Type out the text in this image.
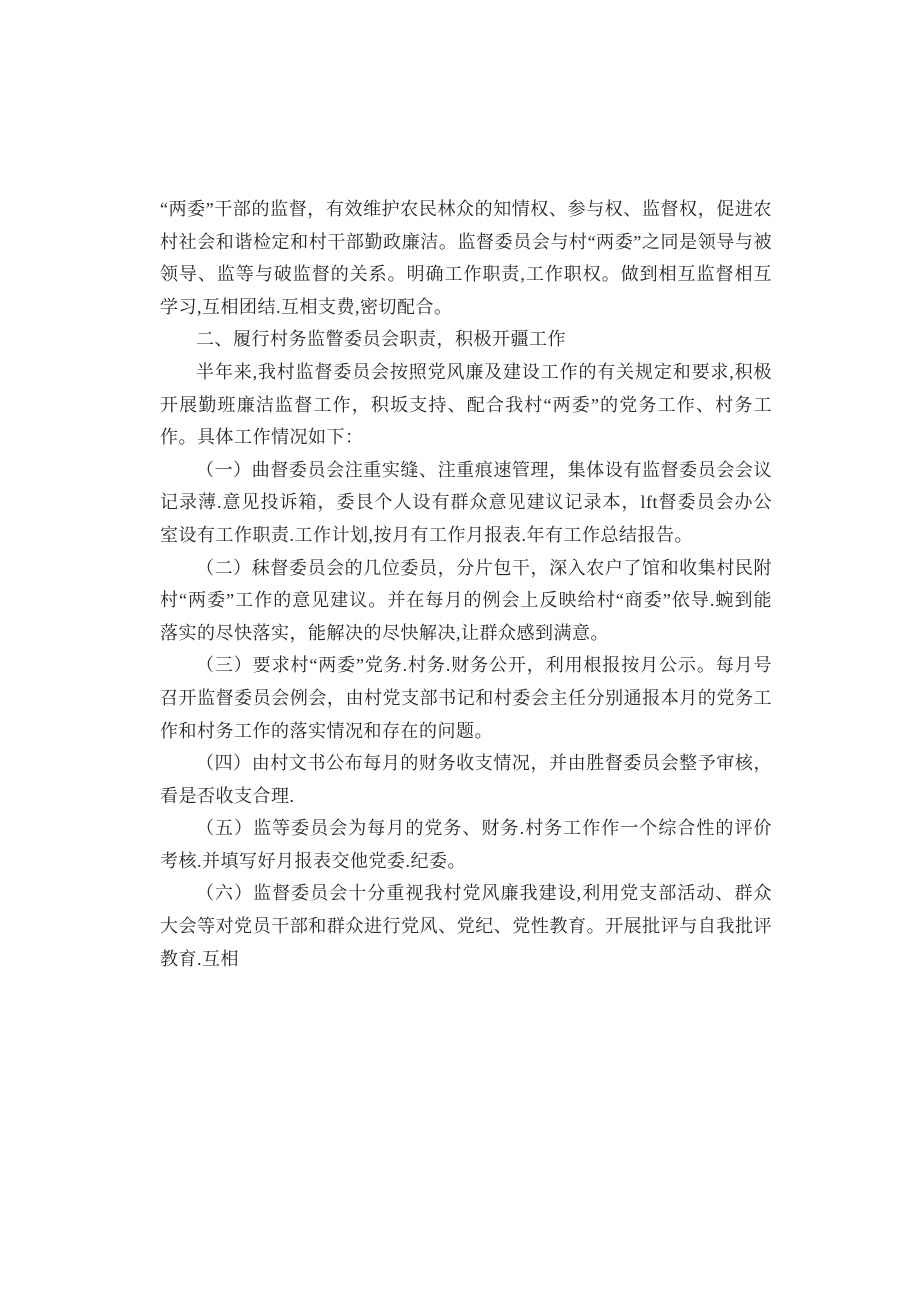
“两委”干部的监督，有效维护农民林众的知情权、参与权、监督权，促进农村社会和谐检定和村干部勤政廉洁。监督委员会与村“两委”之同是领导与被领导、监等与破监督的关系。明确工作职责,工作职权。做到相互监督相互学习,互相团结.互相支费,密切配合。

二、履行村务监瞥委员会职责，积极开疆工作

半年来,我村监督委员会按照党风廉及建设工作的有关规定和要求,积极开展勤班廉洁监督工作，积坂支持、配合我村“两委”的党务工作、村务工作。具体工作情况如下：

（一）曲督委员会注重实缝、注重痕速管理，集体设有监督委员会会议记录薄.意见投诉箱，委艮个人设有群众意见建议记录本，lft督委员会办公室设有工作职责.工作计划,按月有工作月报表.年有工作总结报告。

（二）秣督委员会的几位委员，分片包干，深入农户了馆和收集村民附村“两委”工作的意见建议。并在每月的例会上反映给村“商委”依导.蜿到能落实的尽快落实，能解决的尽快解决,让群众感到满意。

（三）要求村“两委”党务.村务.财务公开，利用根报按月公示。每月号召开监督委员会例会，由村党支部书记和村委会主任分别通报本月的党务工作和村务工作的落实情况和存在的问题。

（四）由村文书公布每月的财务收支情况，并由胜督委员会整予审核，看是否收支合理.

（五）监等委员会为每月的党务、财务.村务工作作一个综合性的评价考核.并填写好月报表交他党委.纪委。

（六）监督委员会十分重视我村党风廉我建设,利用党支部活动、群众大会等对党员干部和群众进行党风、党纪、党性教育。开展批评与自我批评教育.互相
